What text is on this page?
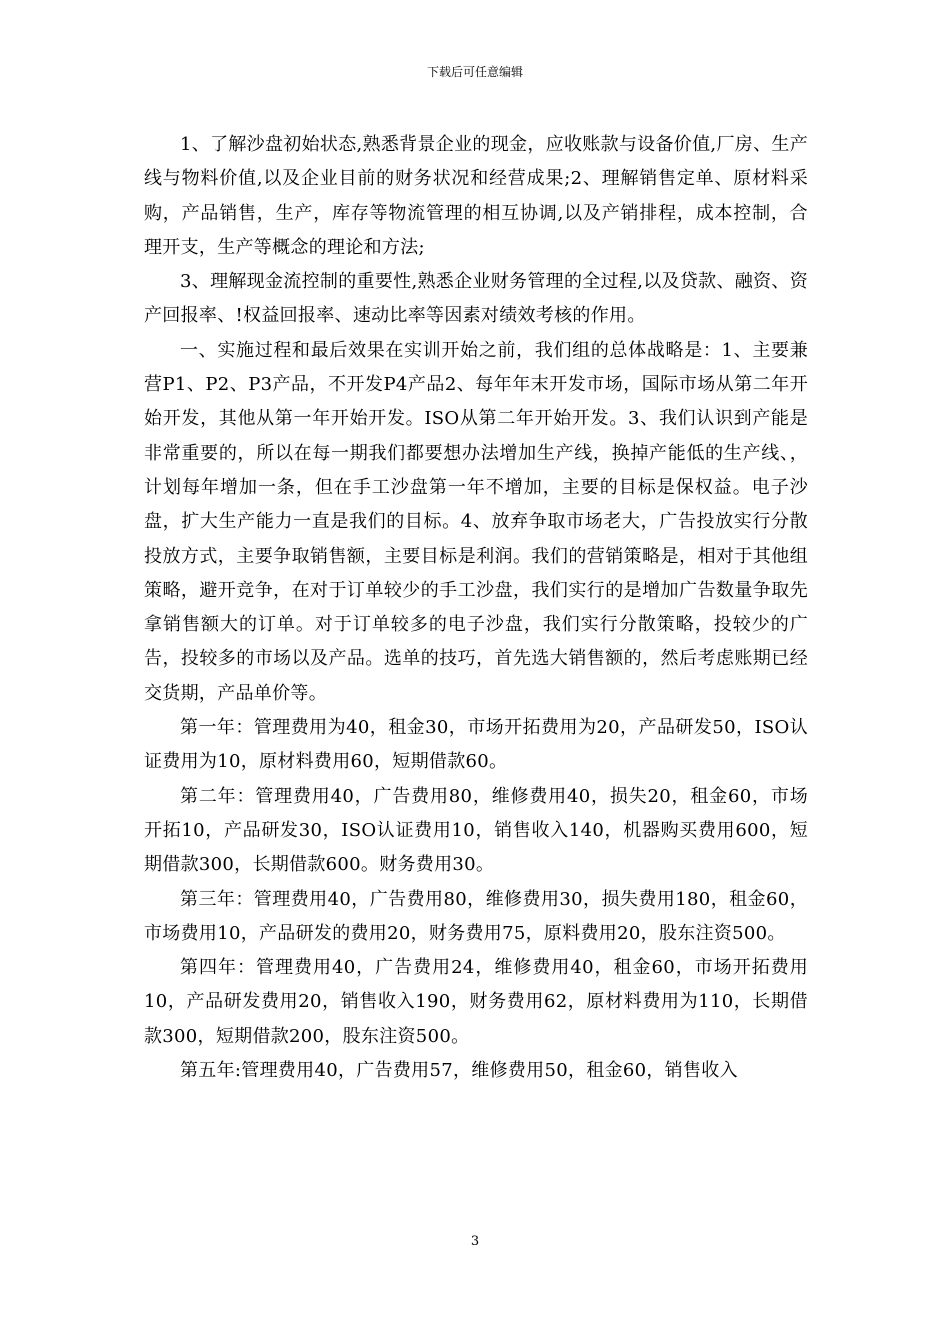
下载后可任意编辑

1、了解沙盘初始状态,熟悉背景企业的现金，应收账款与设备价值,厂房、生产线与物料价值,以及企业目前的财务状况和经营成果;2、理解销售定单、原材料采购，产品销售，生产，库存等物流管理的相互协调,以及产销排程，成本控制，合理开支，生产等概念的理论和方法;

3、理解现金流控制的重要性,熟悉企业财务管理的全过程,以及贷款、融资、资产回报率、!权益回报率、速动比率等因素对绩效考核的作用。

一、实施过程和最后效果在实训开始之前，我们组的总体战略是：1、主要兼营P1、P2、P3产品，不开发P4产品2、每年年末开发市场，国际市场从第二年开始开发，其他从第一年开始开发。ISO从第二年开始开发。3、我们认识到产能是非常重要的，所以在每一期我们都要想办法增加生产线，换掉产能低的生产线、，计划每年增加一条，但在手工沙盘第一年不增加，主要的目标是保权益。电子沙盘，扩大生产能力一直是我们的目标。4、放弃争取市场老大，广告投放实行分散投放方式，主要争取销售额，主要目标是利润。我们的营销策略是，相对于其他组策略，避开竞争，在对于订单较少的手工沙盘，我们实行的是增加广告数量争取先拿销售额大的订单。对于订单较多的电子沙盘，我们实行分散策略，投较少的广告，投较多的市场以及产品。选单的技巧，首先选大销售额的，然后考虑账期已经交货期，产品单价等。

第一年：管理费用为40，租金30，市场开拓费用为20，产品研发50，ISO认证费用为10，原材料费用60，短期借款60。

第二年：管理费用40，广告费用80，维修费用40，损失20，租金60，市场开拓10，产品研发30，ISO认证费用10，销售收入140，机器购买费用600，短期借款300，长期借款600。财务费用30。

第三年：管理费用40，广告费用80，维修费用30，损失费用180，租金60，市场费用10，产品研发的费用20，财务费用75，原料费用20，股东注资500。

第四年：管理费用40，广告费用24，维修费用40，租金60，市场开拓费用10，产品研发费用20，销售收入190，财务费用62，原材料费用为110，长期借款300，短期借款200，股东注资500。

第五年:管理费用40，广告费用57，维修费用50，租金60，销售收入

3
